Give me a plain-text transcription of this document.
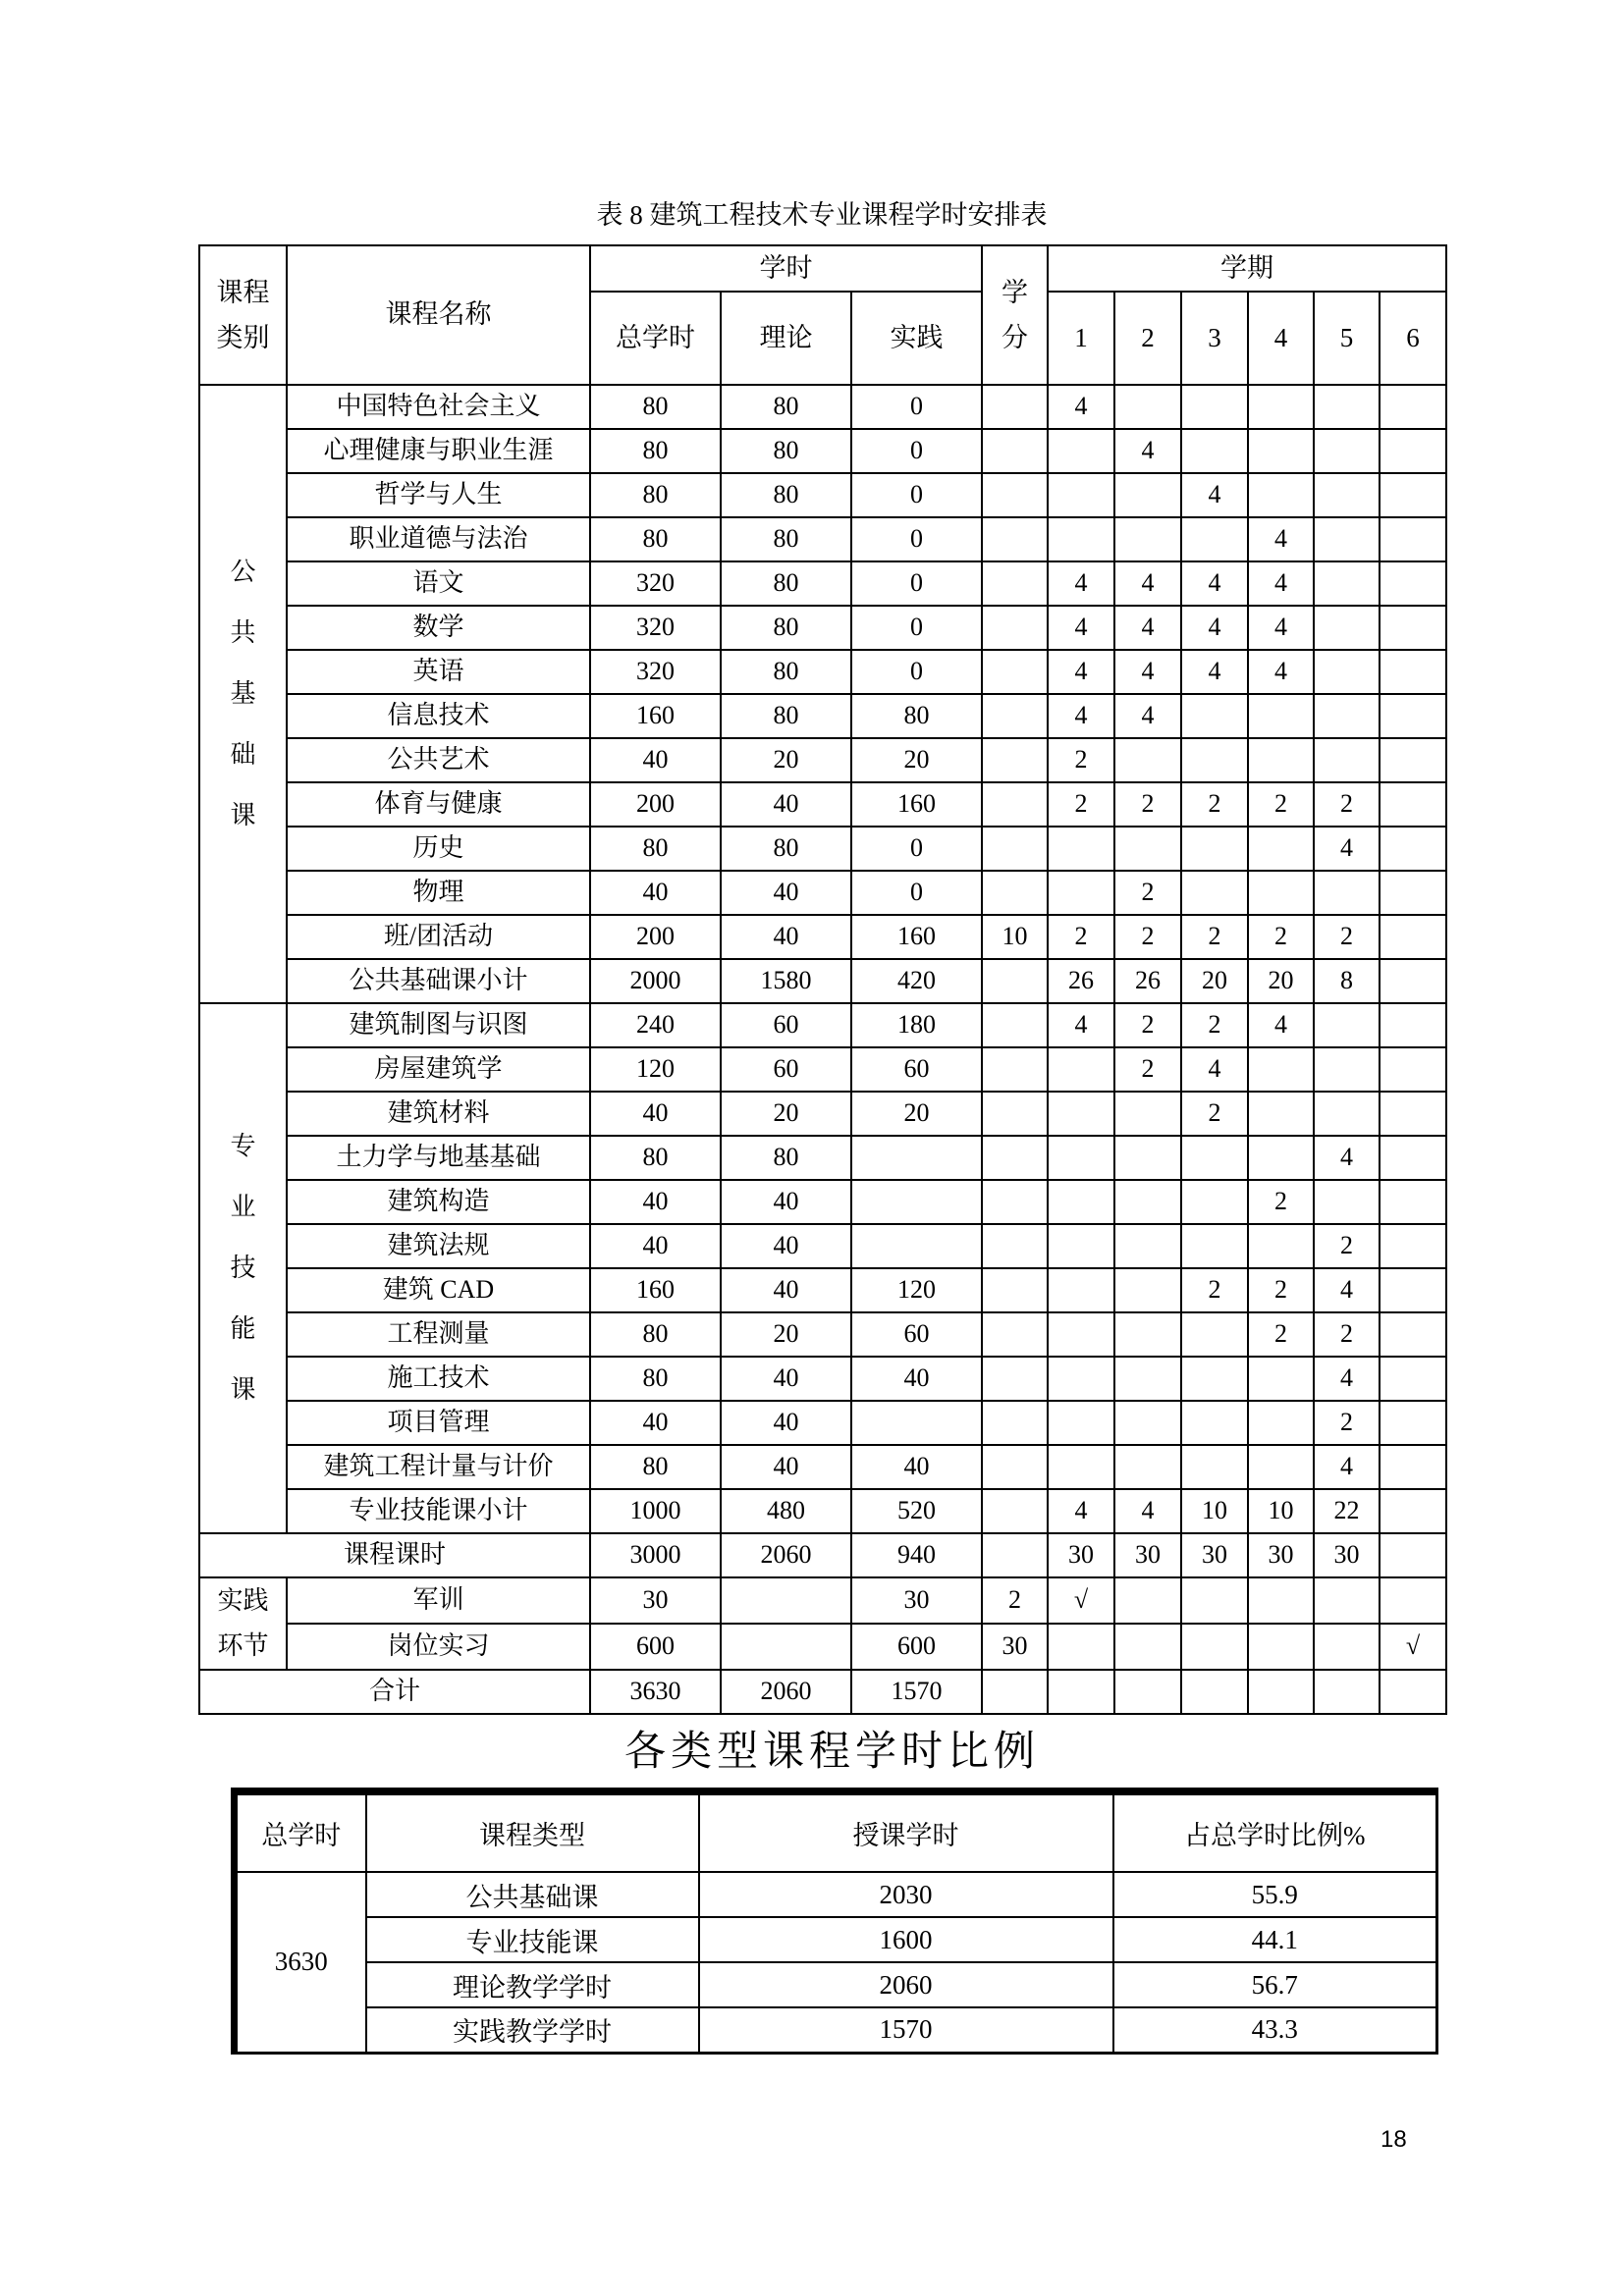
表 8 建筑工程技术专业课程学时安排表
课程
类别	课程名称	学时			学
分	学期					
		总学时	理论	实践		1	2	3	4	5	6

公
共
基
础
课	中国特色社会主义	80	80	0		4					
	心理健康与职业生涯	80	80	0			4				
	哲学与人生	80	80	0				4			
	职业道德与法治	80	80	0					4		
	语文	320	80	0		4	4	4	4		
	数学	320	80	0		4	4	4	4		
	英语	320	80	0		4	4	4	4		
	信息技术	160	80	80		4	4				
	公共艺术	40	20	20		2					
	体育与健康	200	40	160		2	2	2	2	2	
	历史	80	80	0						4	
	物理	40	40	0			2				
	班/团活动	200	40	160	10	2	2	2	2	2	
	公共基础课小计	2000	1580	420		26	26	20	20	8	

专
业
技
能
课	建筑制图与识图	240	60	180		4	2	2	4		
	房屋建筑学	120	60	60			2	4			
	建筑材料	40	20	20				2			
	土力学与地基基础	80	80							4	
	建筑构造	40	40						2		
	建筑法规	40	40							2	
	建筑 CAD	160	40	120				2	2	4	
	工程测量	80	20	60					2	2	
	施工技术	80	40	40						4	
	项目管理	40	40							2	
	建筑工程计量与计价	80	40	40						4	
	专业技能课小计	1000	480	520		4	4	10	10	22	
课程课时		3000	2060	940		30	30	30	30	30	

实践
环节	军训	30		30	2	√					
	岗位实习	600		600	30						√
合计		3630	2060	1570							
各类型课程学时比例
总学时	课程类型	授课学时	占总学时比例%
3630	公共基础课	2030	55.9
	专业技能课	1600	44.1
	理论教学学时	2060	56.7
	实践教学学时	1570	43.3
18
